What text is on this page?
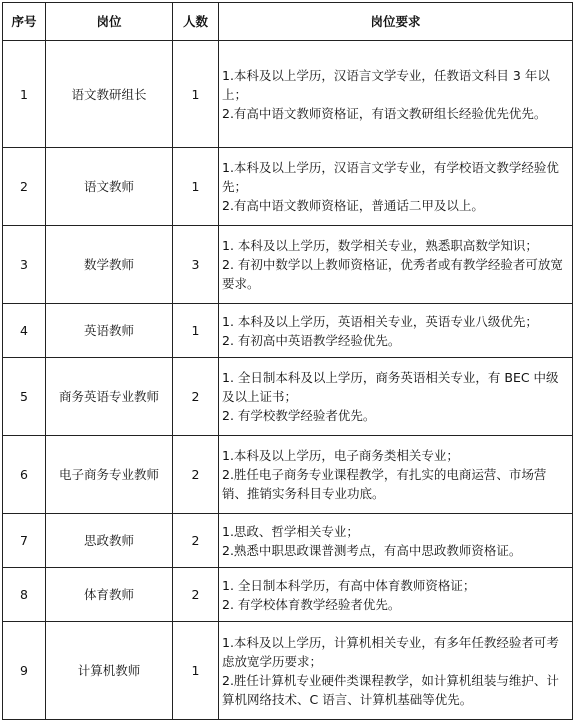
序号	岗位	人数	岗位要求
1	语文教研组长	1	1.本科及以上学历，汉语言文学专业，任教语文科目 3 年以上；
2.有高中语文教师资格证，有语文教研组长经验优先优先。

2	语文教师	1	1.本科及以上学历，汉语言文学专业，有学校语文教学经验优先；
2.有高中语文教师资格证，普通话二甲及以上。

3	数学教师	3	1. 本科及以上学历，数学相关专业，熟悉职高数学知识；
2. 有初中数学以上教师资格证，优秀者或有教学经验者可放宽要求。

4	英语教师	1	1. 本科及以上学历，英语相关专业，英语专业八级优先；
2. 有初高中英语教学经验优先。

5	商务英语专业教师	2	1. 全日制本科及以上学历，商务英语相关专业，有 BEC 中级及以上证书；
2. 有学校教学经验者优先。

6	电子商务专业教师	2	1.本科及以上学历，电子商务类相关专业；
2.胜任电子商务专业课程教学，有扎实的电商运营、市场营销、推销实务科目专业功底。

7	思政教师	2	1.思政、哲学相关专业；
2.熟悉中职思政课普测考点，有高中思政教师资格证。

8	体育教师	2	1. 全日制本科学历，有高中体育教师资格证；
2. 有学校体育教学经验者优先。

9	计算机教师	1	1.本科及以上学历，计算机相关专业，有多年任教经验者可考虑放宽学历要求；
2.胜任计算机专业硬件类课程教学，如计算机组装与维护、计算机网络技术、C 语言、计算机基础等优先。
